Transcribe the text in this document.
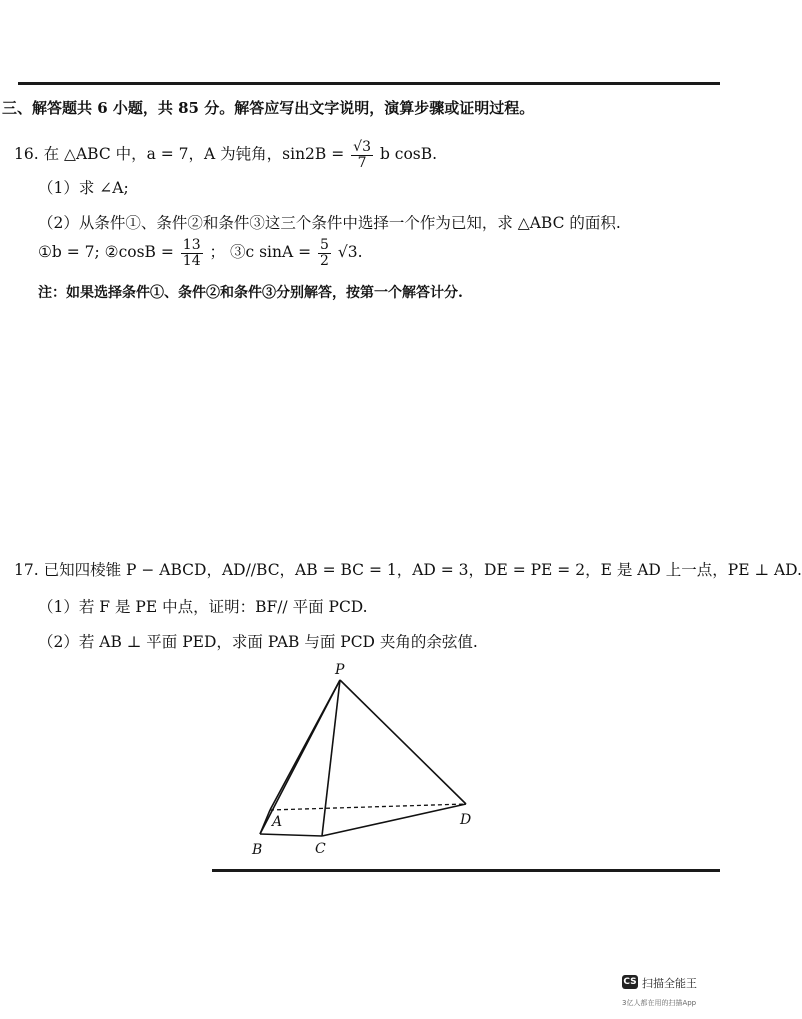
三、解答题共 6 小题，共 85 分。解答应写出文字说明，演算步骤或证明过程。
16. 在 △ABC 中，a = 7，A 为钝角，$\sin 2B = \frac{√3}{7}$ b cosB.
（1）求 ∠A;
（2）从条件①、条件②和条件③这三个条件中选择一个作为已知，求 △ABC 的面积.
①b = 7; ②cosB = $\frac{13}{14}$ ； ③c $\sin A = \frac{5}{2} √3$.
注：如果选择条件①、条件②和条件③分别解答，按第一个解答计分.
17. 已知四棱锥 P − ABCD，AD//BC，AB = BC = 1，AD = 3，DE = PE = 2，E 是 AD 上一点，PE ⊥ AD.
（1）若 F 是 PE 中点，证明：BF// 平面 PCD.
（2）若 AB ⊥ 平面 PED，求面 PAB 与面 PCD 夹角的余弦值.
P
A
B	C
D
CS 扫描全能王
3亿人都在用的扫描App
